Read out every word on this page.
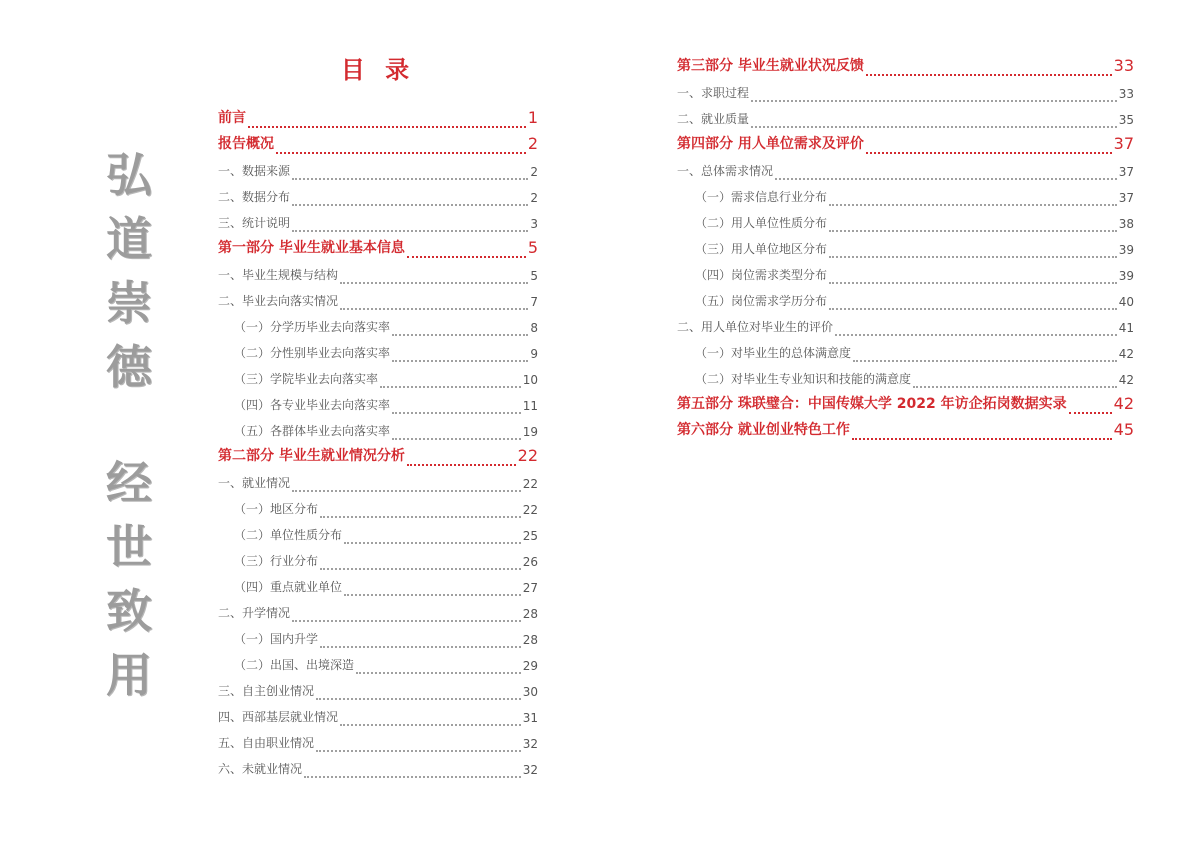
弘
道
崇
德
经
世
致
用
目 录
前言	1
报告概况	2
一、数据来源	2
二、数据分布	2
三、统计说明	3
第一部分 毕业生就业基本信息	5
一、毕业生规模与结构	5
二、毕业去向落实情况	7
（一）分学历毕业去向落实率	8
（二）分性别毕业去向落实率	9
（三）学院毕业去向落实率	10
（四）各专业毕业去向落实率	11
（五）各群体毕业去向落实率	19
第二部分 毕业生就业情况分析	22
一、就业情况	22
（一）地区分布	22
（二）单位性质分布	25
（三）行业分布	26
（四）重点就业单位	27
二、升学情况	28
（一）国内升学	28
（二）出国、出境深造	29
三、自主创业情况	30
四、西部基层就业情况	31
五、自由职业情况	32
六、未就业情况	32
第三部分 毕业生就业状况反馈	33
一、求职过程	33
二、就业质量	35
第四部分 用人单位需求及评价	37
一、总体需求情况	37
（一）需求信息行业分布	37
（二）用人单位性质分布	38
（三）用人单位地区分布	39
（四）岗位需求类型分布	39
（五）岗位需求学历分布	40
二、用人单位对毕业生的评价	41
（一）对毕业生的总体满意度	42
（二）对毕业生专业知识和技能的满意度	42
第五部分 珠联璧合：中国传媒大学 2022 年访企拓岗数据实录	42
第六部分 就业创业特色工作	45
